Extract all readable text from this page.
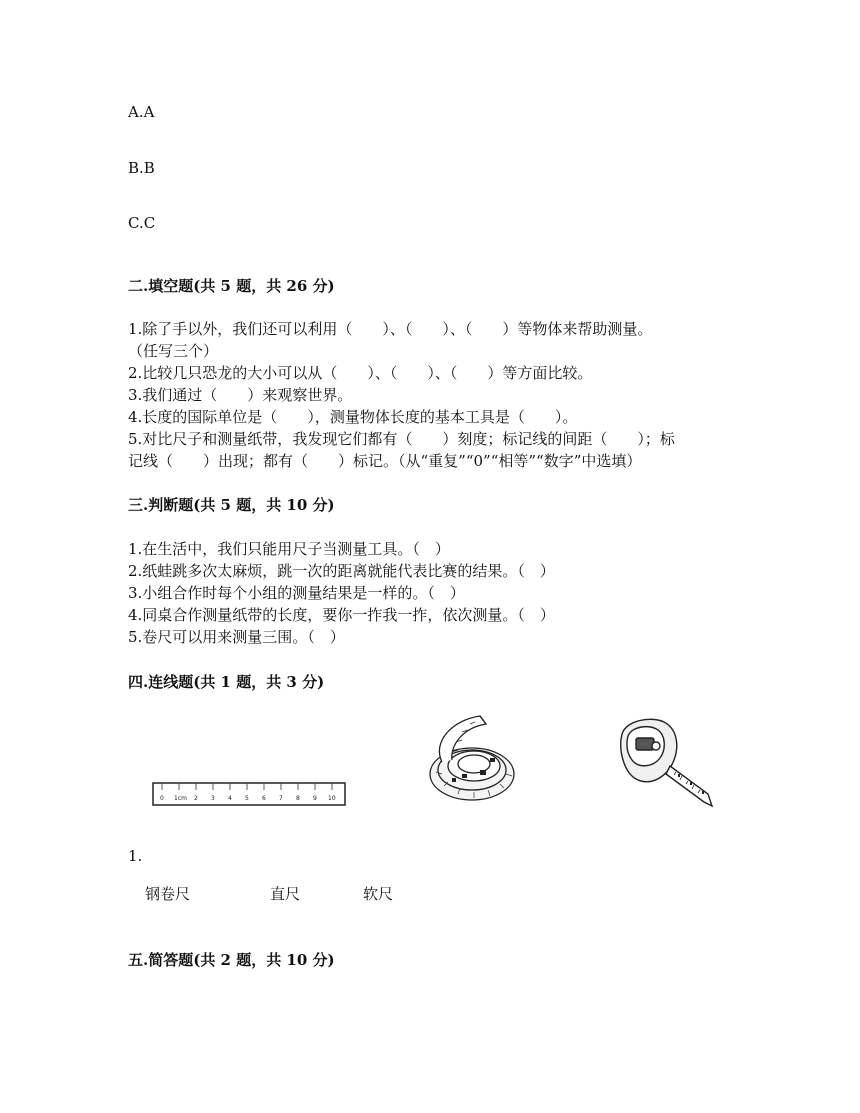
A.A
B.B
C.C
二.填空题(共 5 题，共 26 分)
1.除了手以外，我们还可以利用（　　）、（　　）、（　　）等物体来帮助测量。
（任写三个）
2.比较几只恐龙的大小可以从（　　）、（　　）、（　　）等方面比较。
3.我们通过（　　）来观察世界。
4.长度的国际单位是（　　），测量物体长度的基本工具是（　　）。
5.对比尺子和测量纸带，我发现它们都有（　　）刻度；标记线的间距（　　）；标
记线（　　）出现；都有（　　）标记。（从“重复”“0”“相等”“数字”中选填）
三.判断题(共 5 题，共 10 分)
1.在生活中，我们只能用尺子当测量工具。（　）
2.纸蛙跳多次太麻烦，跳一次的距离就能代表比赛的结果。（　）
3.小组合作时每个小组的测量结果是一样的。（　）
4.同桌合作测量纸带的长度，要你一拃我一拃，依次测量。（　）
5.卷尺可以用来测量三围。（　）
四.连线题(共 1 题，共 3 分)
0 1cm 2 3 4 5 6 7 8 9 10
1.
钢卷尺	直尺	软尺
五.简答题(共 2 题，共 10 分)
